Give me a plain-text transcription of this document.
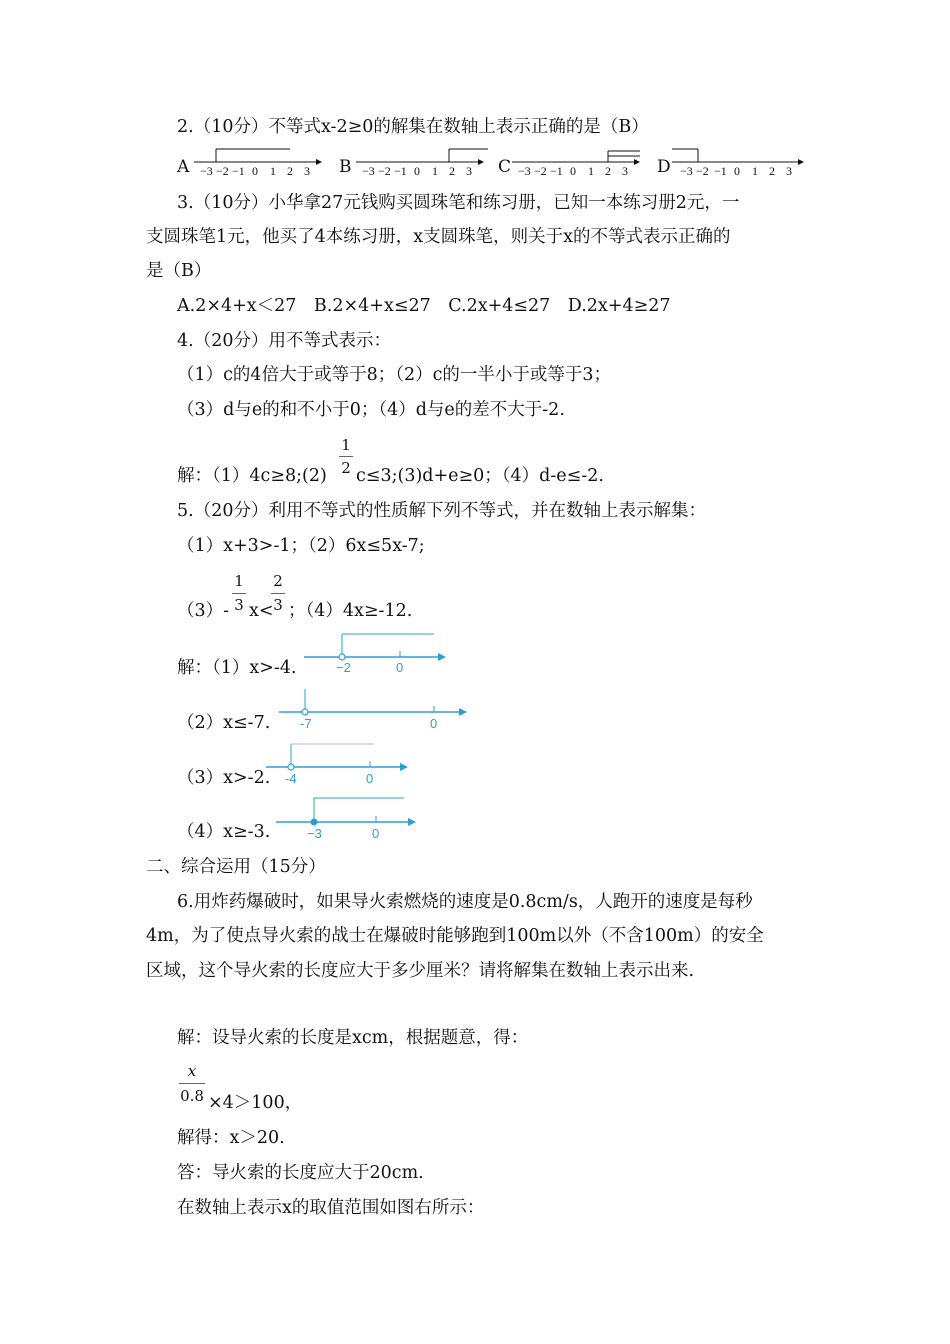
2.（10分）不等式x-2≥0的解集在数轴上表示正确的是（B）
A −3 −2 −1 0 1 2 3 B −3 −2 −1 0 1 2 3 C −3 −2 −1 0 1 2 3 D −3 −2 −1 0 1 2 3
3.（10分）小华拿27元钱购买圆珠笔和练习册，已知一本练习册2元，一
支圆珠笔1元，他买了4本练习册，x支圆珠笔，则关于x的不等式表示正确的
是（B）
A.2×4+x＜27　B.2×4+x≤27　C.2x+4≤27　D.2x+4≥27
4.（20分）用不等式表示：
（1）c的4倍大于或等于8；（2）c的一半小于或等于3；
（3）d与e的和不小于0；（4）d与e的差不大于-2.
解：（1）4c≥8;(2)
1
2 c≤3;(3)d+e≥0；（4）d-e≤-2.
5.（20分）利用不等式的性质解下列不等式，并在数轴上表示解集：
（1）x+3>-1；（2）6x≤5x-7;
（3）-
1
3 x<
2
3 ；（4）4x≥-12.
解：（1）x>-4.	−2	0
（2）x≤-7. -7	0
（3）x>-2. -4	0
（4）x≥-3.	−3	0
二、综合运用（15分）
6.用炸药爆破时，如果导火索燃烧的速度是0.8cm/s，人跑开的速度是每秒
4m，为了使点导火索的战士在爆破时能够跑到100m以外（不含100m）的安全
区域，这个导火索的长度应大于多少厘米？请将解集在数轴上表示出来.
解：设导火索的长度是xcm，根据题意，得：
x
0.8 ×4＞100，
解得：x＞20.
答：导火索的长度应大于20cm.
在数轴上表示x的取值范围如图右所示：
